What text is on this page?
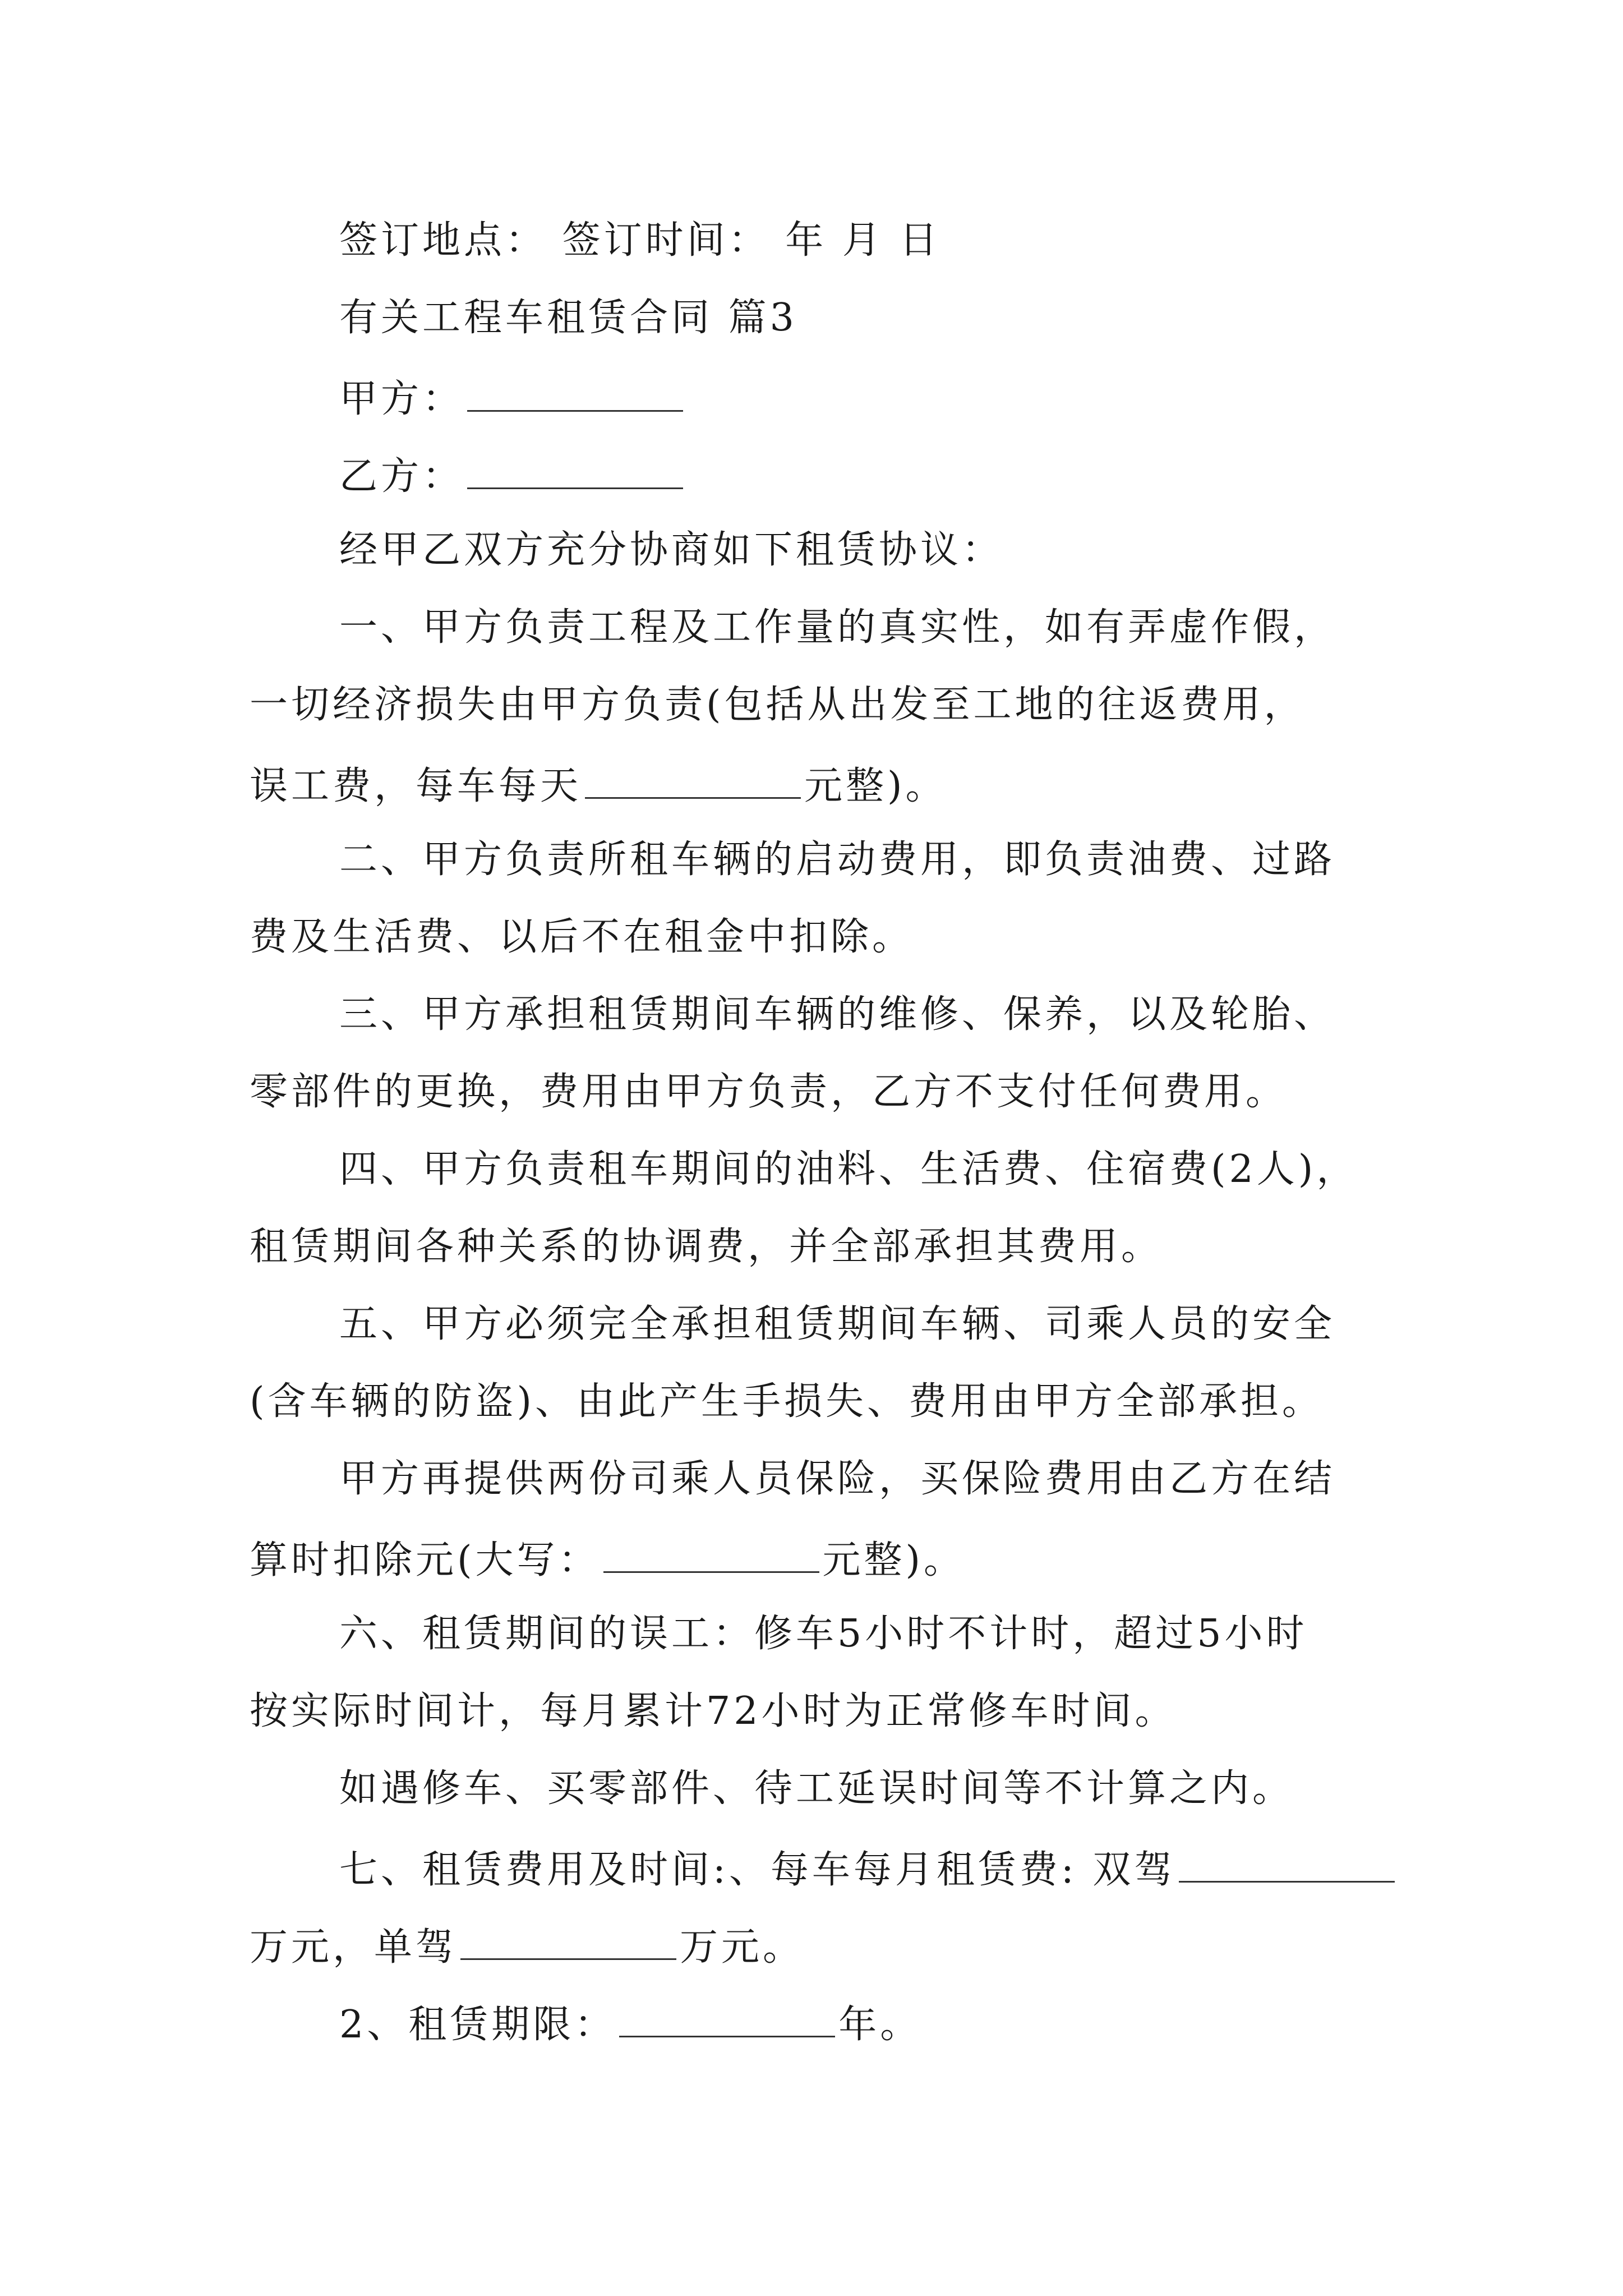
签订地点： 签订时间： 年 月 日
有关工程车租赁合同 篇3
甲方：
乙方：
经甲乙双方充分协商如下租赁协议：
一、甲方负责工程及工作量的真实性，如有弄虚作假，
一切经济损失由甲方负责(包括从出发至工地的往返费用，
误工费，每车每天	元整)。
二、甲方负责所租车辆的启动费用，即负责油费、过路
费及生活费、以后不在租金中扣除。
三、甲方承担租赁期间车辆的维修、保养，以及轮胎、
零部件的更换，费用由甲方负责，乙方不支付任何费用。
四、甲方负责租车期间的油料、生活费、住宿费(2人)，
租赁期间各种关系的协调费，并全部承担其费用。
五、甲方必须完全承担租赁期间车辆、司乘人员的安全
(含车辆的防盗)、由此产生手损失、费用由甲方全部承担。
甲方再提供两份司乘人员保险，买保险费用由乙方在结
算时扣除元(大写：	元整)。
六、租赁期间的误工：修车5小时不计时，超过5小时
按实际时间计，每月累计72小时为正常修车时间。
如遇修车、买零部件、待工延误时间等不计算之内。
七、租赁费用及时间:、每车每月租赁费: 双驾
万元，单驾	万元。
2、租赁期限：	年。
